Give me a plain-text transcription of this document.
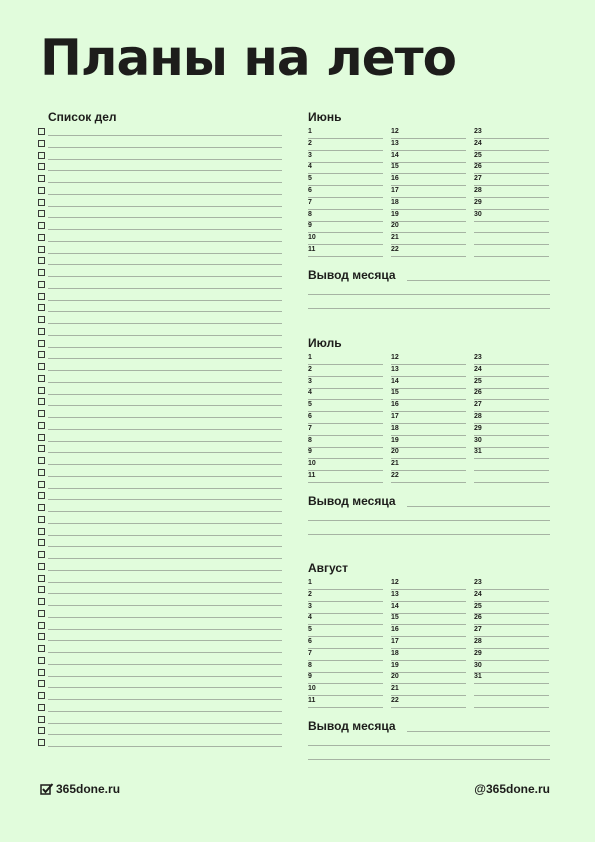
Планы на лето
Список дел	Июнь
1
2
3
4
5
6
7
8
9
10
11
12
13
14
15
16
17
18
19
20
21
22
23
24
25
26
27
28
29
30
Вывод месяца
Июль
1
2
3
4
5
6
7
8
9
10
11
12
13
14
15
16
17
18
19
20
21
22
23
24
25
26
27
28
29
30
31
Вывод месяца
Август
1
2
3
4
5
6
7
8
9
10
11
12
13
14
15
16
17
18
19
20
21
22
23
24
25
26
27
28
29
30
31
Вывод месяца
365done.ru	@365done.ru
